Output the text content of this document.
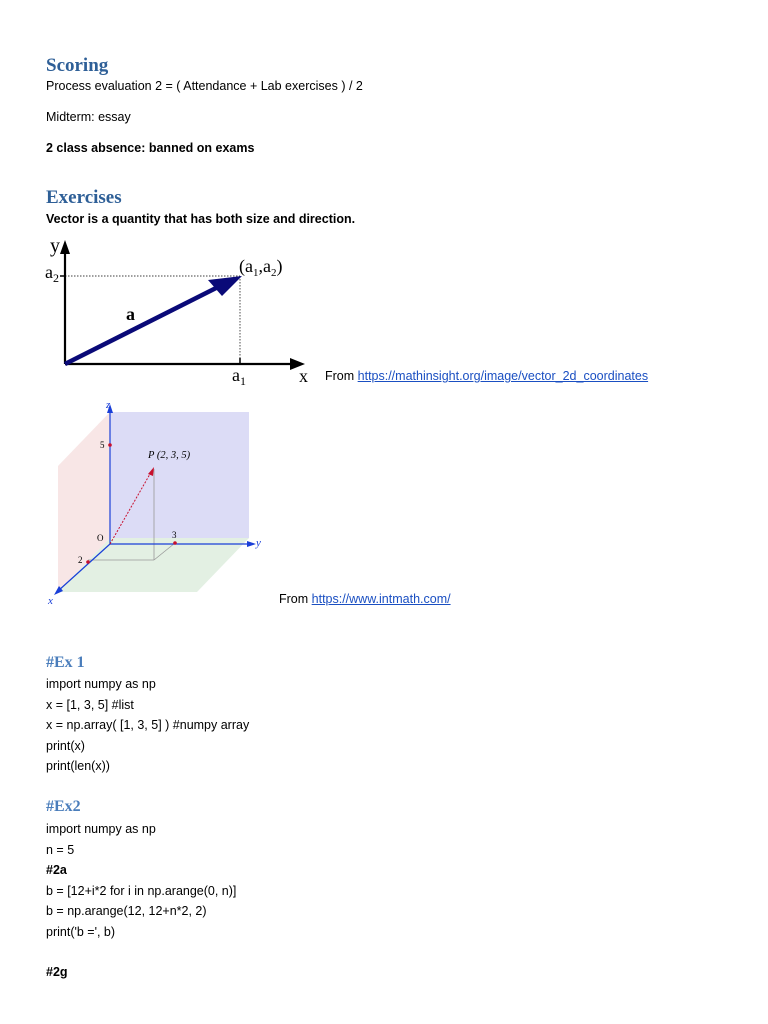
Scoring
Process evaluation 2 = ( Attendance + Lab exercises ) / 2
Midterm: essay
2 class absence: banned on exams
Exercises
Vector is a quantity that has both size and direction.
y
$a_2$
$(a_1,a_2)$
a
$a_1$	x From https://mathinsight.org/image/vector_2d_coordinates
z
y
x
5
3
2
O
P (2, 3, 5)
From https://www.intmath.com/
#Ex 1
import numpy as np
x = [1, 3, 5] #list
x = np.array( [1, 3, 5] ) #numpy array
print(x)
print(len(x))
#Ex2
import numpy as np
n = 5
#2a
b = [12+i*2 for i in np.arange(0, n)]
b = np.arange(12, 12+n*2, 2)
print('b =', b)
#2g
